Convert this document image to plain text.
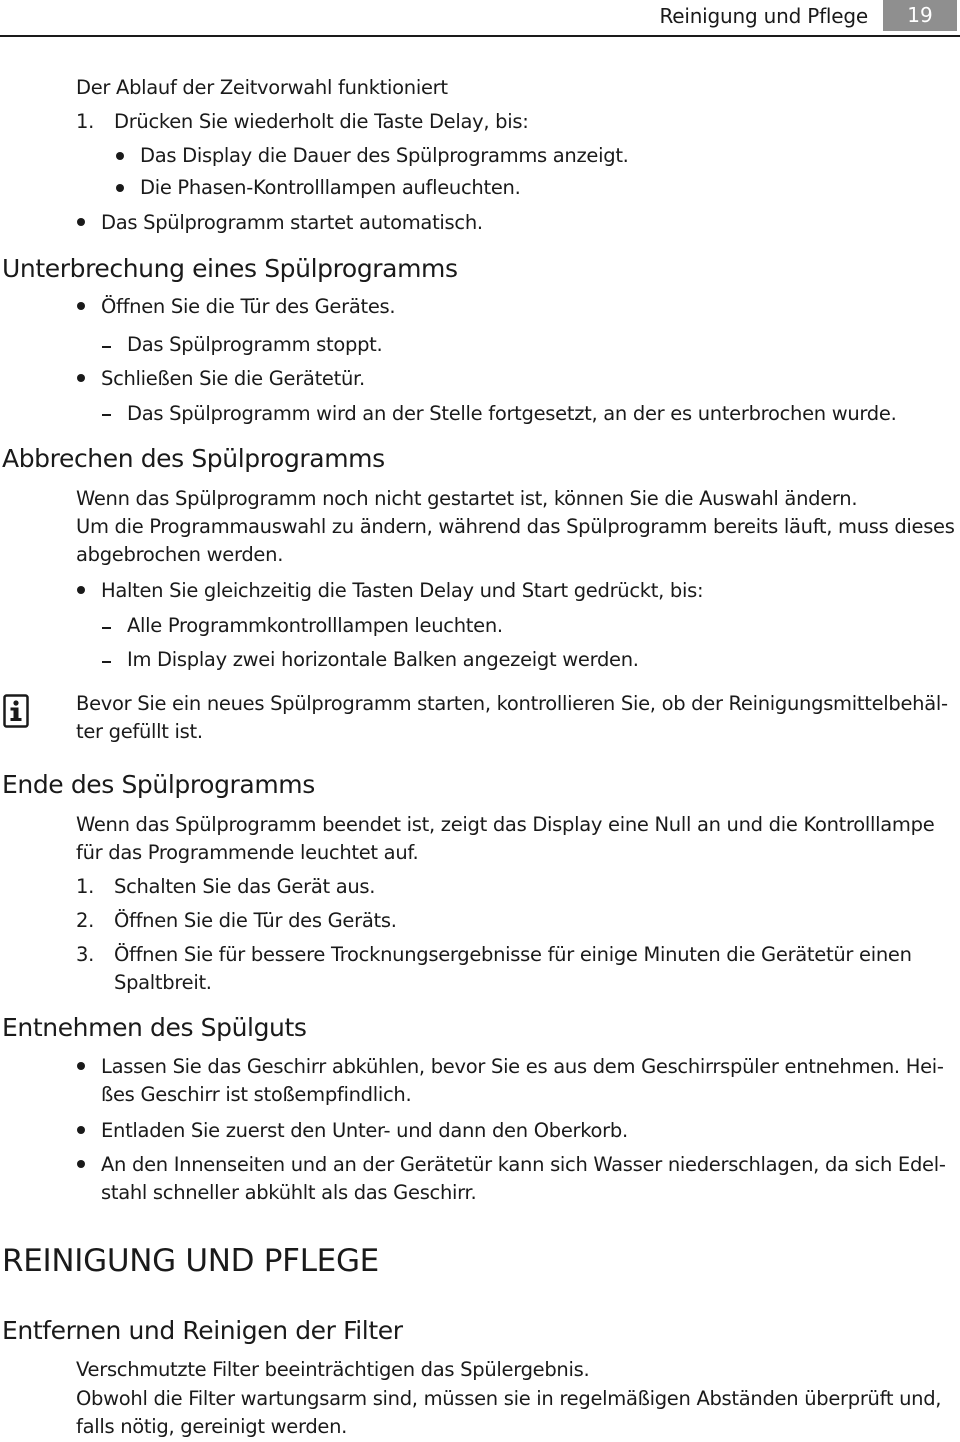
Reinigung und Pflege	19
Der Ablauf der Zeitvorwahl funktioniert
1. Drücken Sie wiederholt die Taste Delay, bis:
Das Display die Dauer des Spülprogramms anzeigt.
Die Phasen-Kontrolllampen aufleuchten.
Das Spülprogramm startet automatisch.
Unterbrechung eines Spülprogramms
Öffnen Sie die Tür des Gerätes.
Das Spülprogramm stoppt.
Schließen Sie die Gerätetür.
Das Spülprogramm wird an der Stelle fortgesetzt, an der es unterbrochen wurde.
Abbrechen des Spülprogramms
Wenn das Spülprogramm noch nicht gestartet ist, können Sie die Auswahl ändern.
Um die Programmauswahl zu ändern, während das Spülprogramm bereits läuft, muss dieses
abgebrochen werden.
Halten Sie gleichzeitig die Tasten Delay und Start gedrückt, bis:
Alle Programmkontrolllampen leuchten.
Im Display zwei horizontale Balken angezeigt werden.
Bevor Sie ein neues Spülprogramm starten, kontrollieren Sie, ob der Reinigungsmittelbehäl-
ter gefüllt ist.
Ende des Spülprogramms
Wenn das Spülprogramm beendet ist, zeigt das Display eine Null an und die Kontrolllampe
für das Programmende leuchtet auf.
1. Schalten Sie das Gerät aus.
2. Öffnen Sie die Tür des Geräts.
3. Öffnen Sie für bessere Trocknungsergebnisse für einige Minuten die Gerätetür einen
Spaltbreit.
Entnehmen des Spülguts
Lassen Sie das Geschirr abkühlen, bevor Sie es aus dem Geschirrspüler entnehmen. Hei-
ßes Geschirr ist stoßempfindlich.
Entladen Sie zuerst den Unter- und dann den Oberkorb.
An den Innenseiten und an der Gerätetür kann sich Wasser niederschlagen, da sich Edel-
stahl schneller abkühlt als das Geschirr.
REINIGUNG UND PFLEGE
Entfernen und Reinigen der Filter
Verschmutzte Filter beeinträchtigen das Spülergebnis.
Obwohl die Filter wartungsarm sind, müssen sie in regelmäßigen Abständen überprüft und,
falls nötig, gereinigt werden.
